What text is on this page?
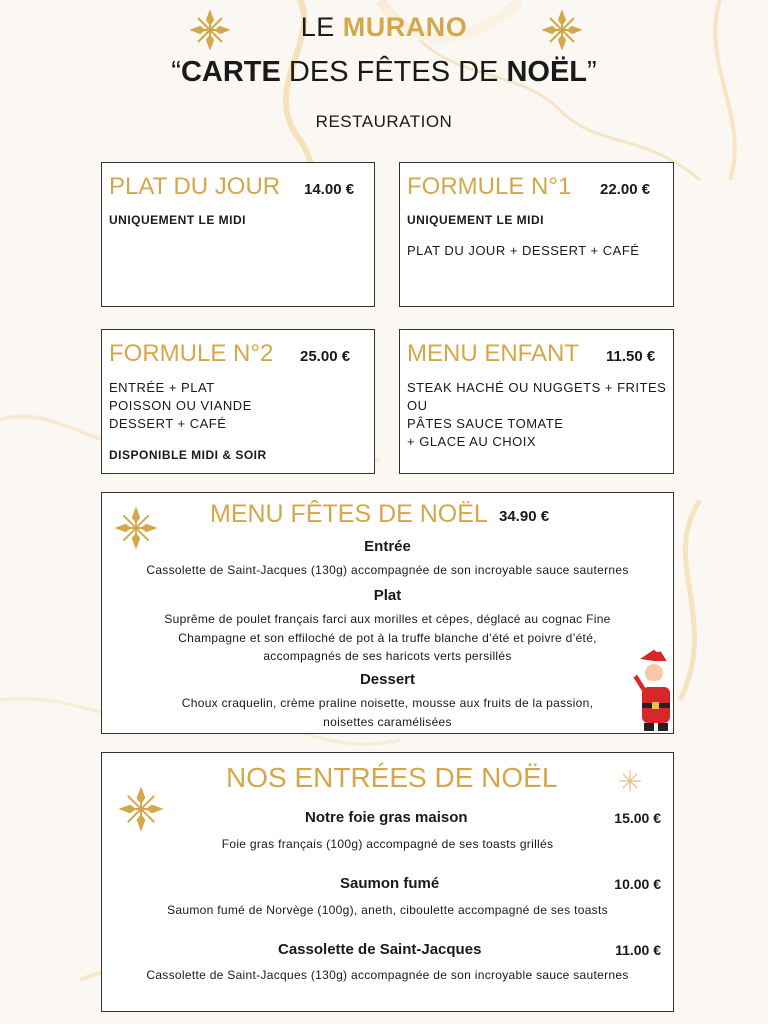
LE MURANO
“CARTE DES FÊTES DE NOËL”
RESTAURATION
PLAT DU JOUR 14.00 €
UNIQUEMENT LE MIDI
FORMULE N°1 22.00 €
UNIQUEMENT LE MIDI
PLAT DU JOUR + DESSERT + CAFÉ
FORMULE N°2 25.00 €
ENTRÉE + PLAT
POISSON OU VIANDE
DESSERT + CAFÉ
DISPONIBLE MIDI & SOIR
MENU ENFANT 11.50 €
STEAK HACHÉ OU NUGGETS + FRITES
OU
PÂTES SAUCE TOMATE
+ GLACE AU CHOIX
MENU FÊTES DE NOËL 34.90 €
Entrée
Cassolette de Saint-Jacques (130g) accompagnée de son incroyable sauce sauternes
Plat
Suprême de poulet français farci aux morilles et cèpes, déglacé au cognac Fine
Champagne et son effiloché de pot à la truffe blanche d’été et poivre d’été,
accompagnés de ses haricots verts persillés
Dessert
Choux craquelin, crème praline noisette, mousse aux fruits de la passion,
noisettes caramélisées
NOS ENTRÉES DE NOËL
Notre foie gras maison	15.00 €
Foie gras français (100g) accompagné de ses toasts grillés
Saumon fumé	10.00 €
Saumon fumé de Norvège (100g), aneth, ciboulette accompagné de ses toasts
Cassolette de Saint-Jacques	11.00 €
Cassolette de Saint-Jacques (130g) accompagnée de son incroyable sauce sauternes
